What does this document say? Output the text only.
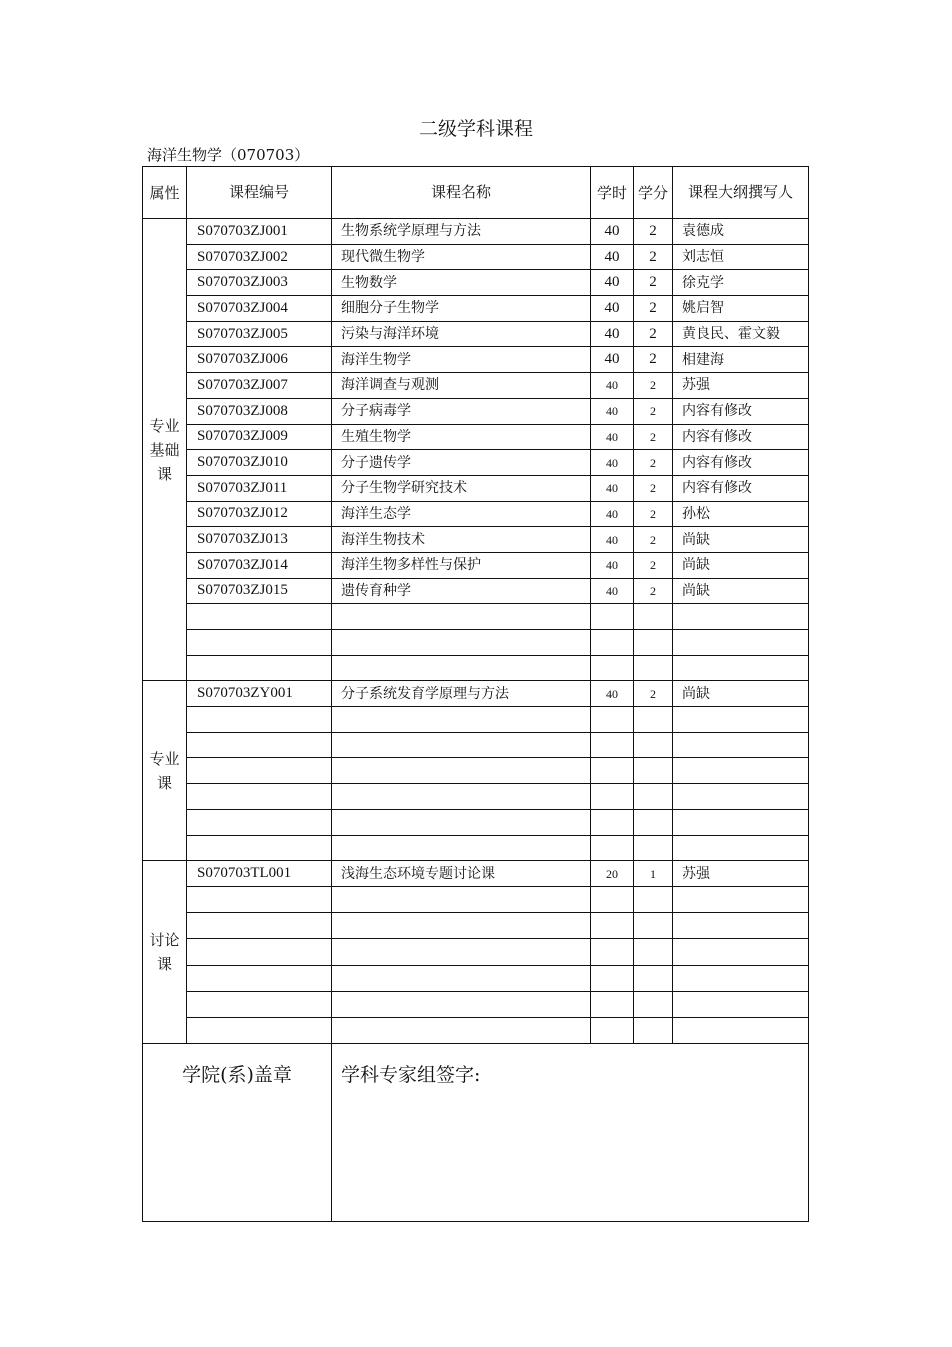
二级学科课程
海洋生物学（070703）
属性	课程编号	课程名称	学时	学分	课程大纲撰写人
专业基础课	S070703ZJ001	生物系统学原理与方法	40	2	袁德成
	S070703ZJ002	现代微生物学	40	2	刘志恒
	S070703ZJ003	生物数学	40	2	徐克学
	S070703ZJ004	细胞分子生物学	40	2	姚启智
	S070703ZJ005	污染与海洋环境	40	2	黄良民、霍文毅
	S070703ZJ006	海洋生物学	40	2	相建海
	S070703ZJ007	海洋调查与观测	40	2	苏强
	S070703ZJ008	分子病毒学	40	2	内容有修改
	S070703ZJ009	生殖生物学	40	2	内容有修改
	S070703ZJ010	分子遗传学	40	2	内容有修改
	S070703ZJ011	分子生物学研究技术	40	2	内容有修改
	S070703ZJ012	海洋生态学	40	2	孙松
	S070703ZJ013	海洋生物技术	40	2	尚缺
	S070703ZJ014	海洋生物多样性与保护	40	2	尚缺
	S070703ZJ015	遗传育种学	40	2	尚缺

专业课	S070703ZY001	分子系统发育学原理与方法	40	2	尚缺

讨论课	S070703TL001	浅海生态环境专题讨论课	20	1	苏强

学院(系)盖章		学科专家组签字:			
